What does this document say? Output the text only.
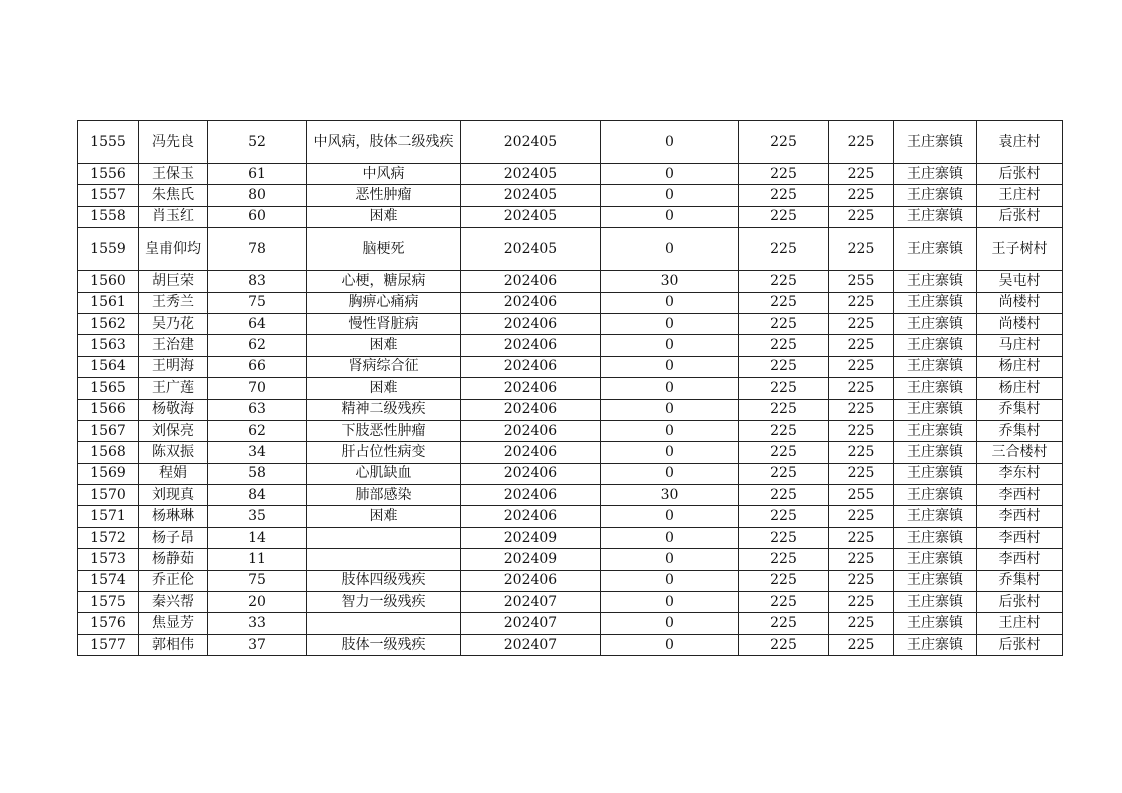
1555	冯先良	52	中风病，肢体二级残疾	202405	0	225	225	王庄寨镇	袁庄村
1556	王保玉	61	中风病	202405	0	225	225	王庄寨镇	后张村
1557	朱焦氏	80	恶性肿瘤	202405	0	225	225	王庄寨镇	王庄村
1558	肖玉红	60	困难	202405	0	225	225	王庄寨镇	后张村
1559	皇甫仰均	78	脑梗死	202405	0	225	225	王庄寨镇	王子树村
1560	胡巨荣	83	心梗，糖尿病	202406	30	225	255	王庄寨镇	吴屯村
1561	王秀兰	75	胸痹心痛病	202406	0	225	225	王庄寨镇	尚楼村
1562	吴乃花	64	慢性肾脏病	202406	0	225	225	王庄寨镇	尚楼村
1563	王治建	62	困难	202406	0	225	225	王庄寨镇	马庄村
1564	王明海	66	肾病综合征	202406	0	225	225	王庄寨镇	杨庄村
1565	王广莲	70	困难	202406	0	225	225	王庄寨镇	杨庄村
1566	杨敬海	63	精神二级残疾	202406	0	225	225	王庄寨镇	乔集村
1567	刘保亮	62	下肢恶性肿瘤	202406	0	225	225	王庄寨镇	乔集村
1568	陈双振	34	肝占位性病变	202406	0	225	225	王庄寨镇	三合楼村
1569	程娟	58	心肌缺血	202406	0	225	225	王庄寨镇	李东村
1570	刘现真	84	肺部感染	202406	30	225	255	王庄寨镇	李西村
1571	杨琳琳	35	困难	202406	0	225	225	王庄寨镇	李西村
1572	杨子昂	14		202409	0	225	225	王庄寨镇	李西村
1573	杨静茹	11		202409	0	225	225	王庄寨镇	李西村
1574	乔正伦	75	肢体四级残疾	202406	0	225	225	王庄寨镇	乔集村
1575	秦兴帮	20	智力一级残疾	202407	0	225	225	王庄寨镇	后张村
1576	焦显芳	33		202407	0	225	225	王庄寨镇	王庄村
1577	郭相伟	37	肢体一级残疾	202407	0	225	225	王庄寨镇	后张村
